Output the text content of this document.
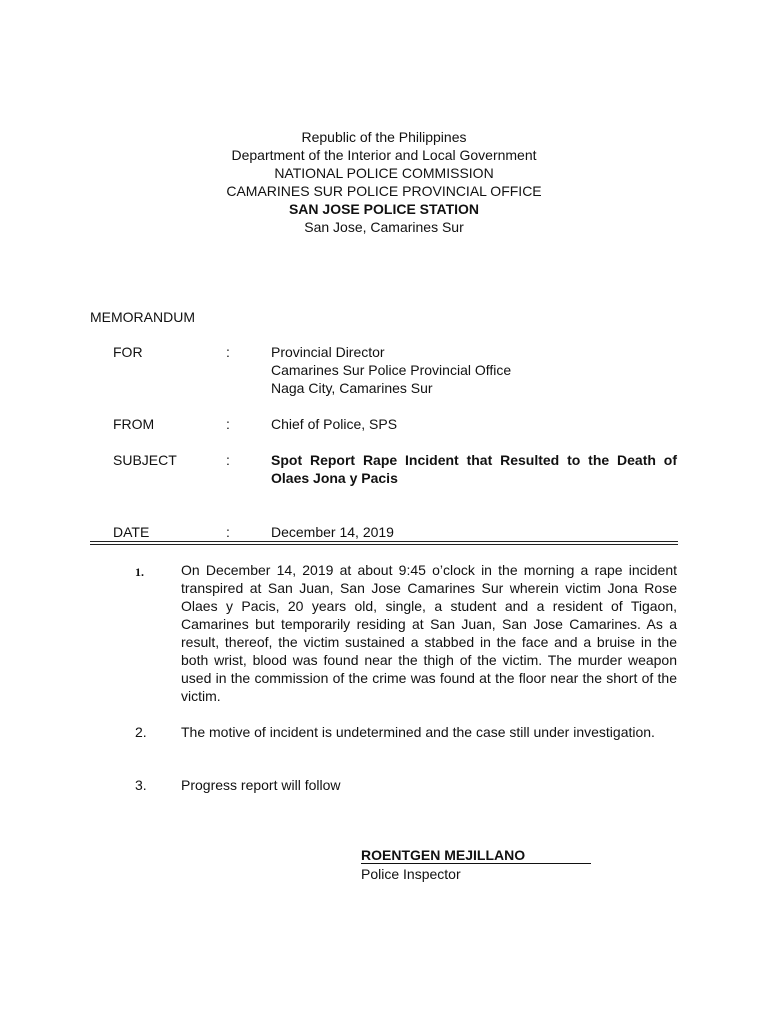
Republic of the Philippines
Department of the Interior and Local Government
NATIONAL POLICE COMMISSION
CAMARINES SUR POLICE PROVINCIAL OFFICE
SAN JOSE POLICE STATION
San Jose, Camarines Sur
MEMORANDUM
FOR	:	Provincial Director
Camarines Sur Police Provincial Office
Naga City, Camarines Sur
FROM	:	Chief of Police, SPS
SUBJECT	:	Spot Report Rape Incident that Resulted to the Death of Olaes Jona y Pacis
DATE	:	December 14, 2019
1.	On December 14, 2019 at about 9:45 o’clock in the morning a rape incident transpired at San Juan, San Jose Camarines Sur wherein victim Jona Rose Olaes y Pacis, 20 years old, single, a student and a resident of Tigaon, Camarines but temporarily residing at San Juan, San Jose Camarines. As a result, thereof, the victim sustained a stabbed in the face and a bruise in the both wrist, blood was found near the thigh of the victim. The murder weapon used in the commission of the crime was found at the floor near the short of the victim.
2. The motive of incident is undetermined and the case still under investigation.
3. Progress report will follow
ROENTGEN MEJILLANO
Police Inspector
